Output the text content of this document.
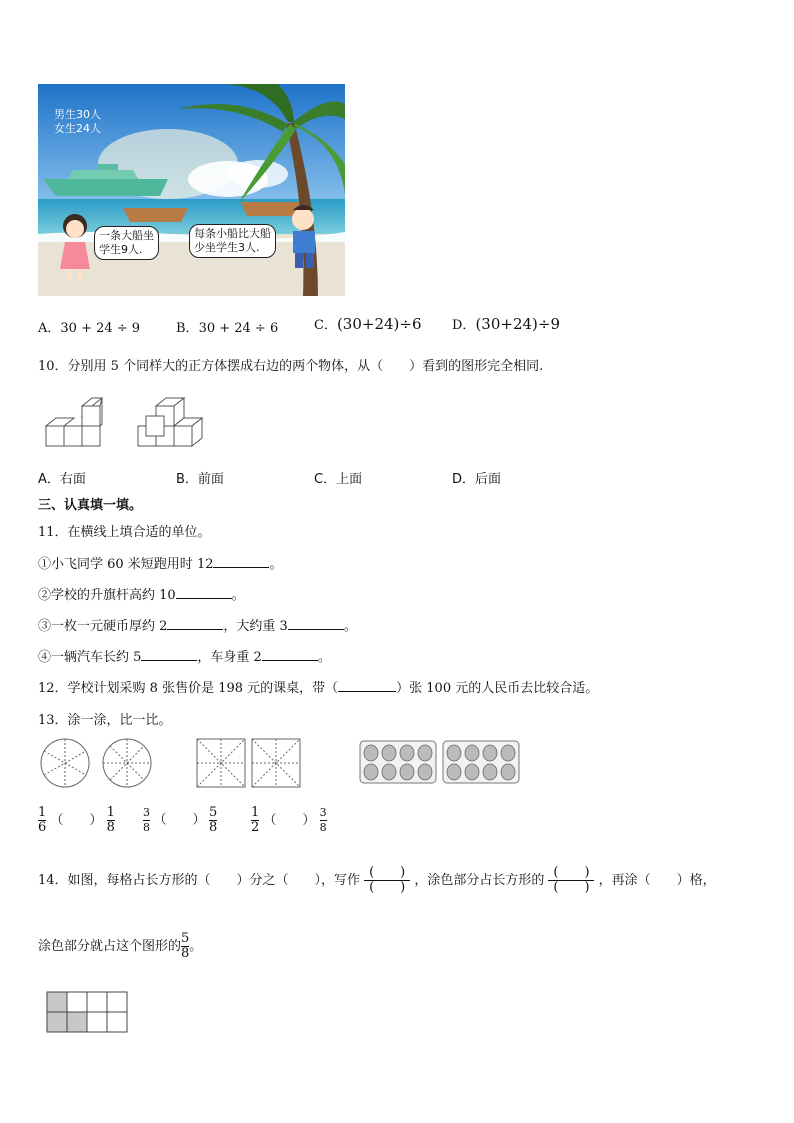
男生30人
女生24人
一条大船坐
学生9人.
每条小船比大船
少坐学生3人.
A．30 + 24 ÷ 9	B．30 + 24 ÷ 6	C．(30+24)÷6 D．(30+24)÷9
10．分别用 5 个同样大的正方体摆成右边的两个物体，从（　　）看到的图形完全相同.
A．右面	B．前面	C．上面	D．后面
三、认真填一填。
11．在横线上填合适的单位。
①小飞同学 60 米短跑用时 12	。
②学校的升旗杆高约 10	。
③一枚一元硬币厚约 2	，大约重 3	。
④一辆汽车长约 5	，车身重 2	。
12．学校计划采购 8 张售价是 198 元的课桌，带（	）张 100 元的人民币去比较合适。
13．涂一涂，比一比。
$\frac{1}{6}$ （　　） $\frac{1}{8}$	$\frac{3}{8}$ （　　） $\frac{5}{8}$	$\frac{1}{2}$ （　　） $\frac{3}{8}$
14．如图，每格占长方形的（　　）分之（　　），写作 $\frac{( )}{( )}$ ，涂色部分占长方形的 $\frac{( )}{( )}$ ，再涂（　　）格，
涂色部分就占这个图形的 $\frac{5}{8}$ 。
